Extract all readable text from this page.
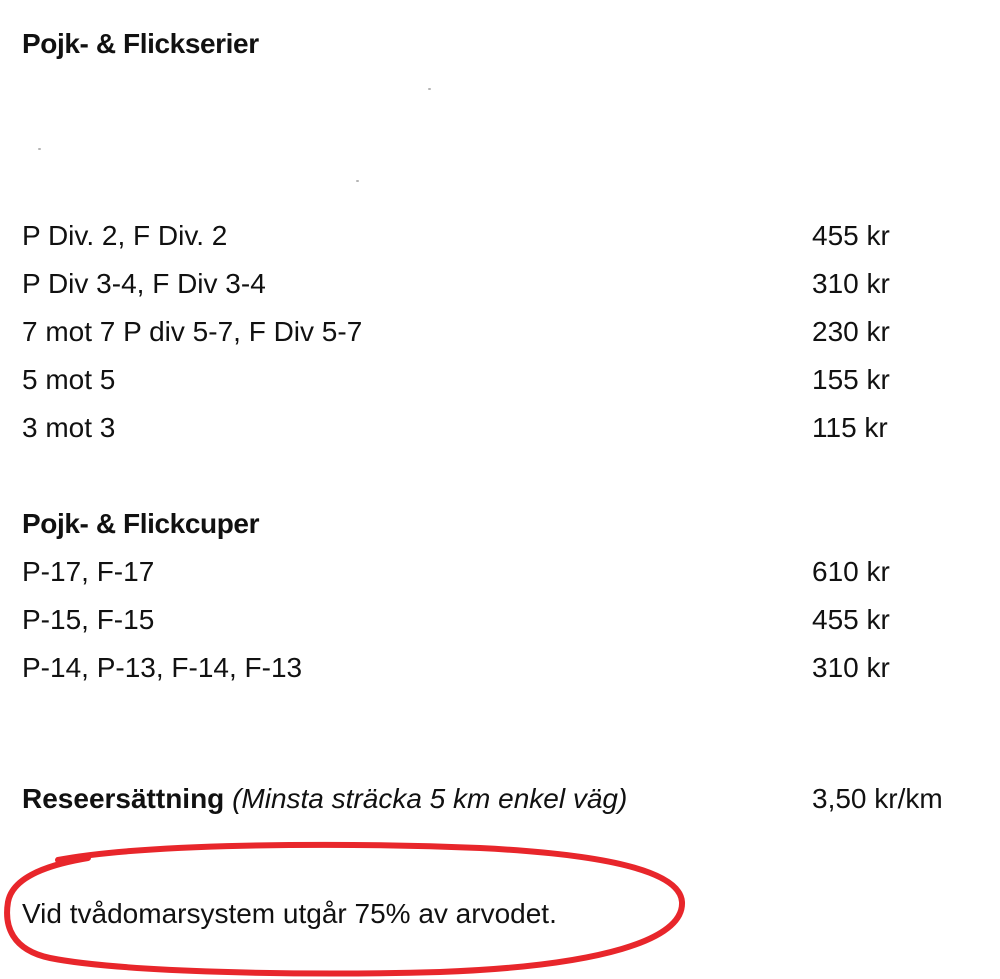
Pojk- & Flickserier
P Div. 2, F Div. 2	455 kr
P Div 3-4, F Div 3-4	310 kr
7 mot 7 P div 5-7, F Div 5-7	230 kr
5 mot 5	155 kr
3 mot 3	115 kr
Pojk- & Flickcuper
P-17, F-17	610 kr
P-15, F-15	455 kr
P-14, P-13, F-14, F-13	310 kr
Reseersättning (Minsta sträcka 5 km enkel väg)	3,50 kr/km
Vid tvådomarsystem utgår 75% av arvodet.
